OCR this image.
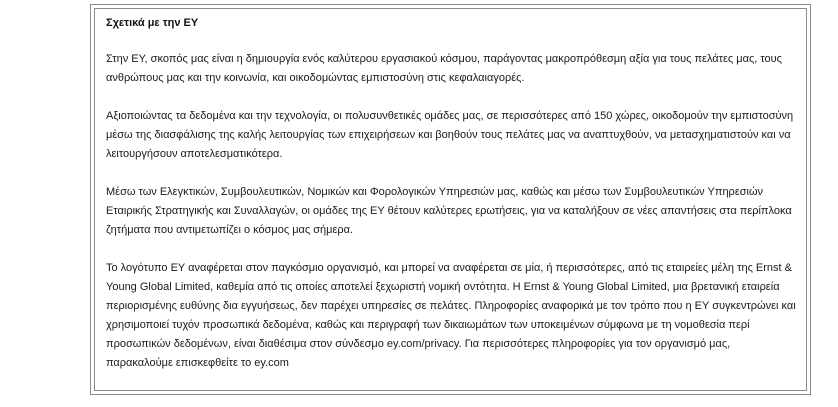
Σχετικά με την ΕΥ

Στην ΕΥ, σκοπός μας είναι η δημιουργία ενός καλύτερου εργασιακού κόσμου, παράγοντας μακροπρόθεσμη αξία για τους πελάτες μας, τους ανθρώπους μας και την κοινωνία, και οικοδομώντας εμπιστοσύνη στις κεφαλαιαγορές.

Αξιοποιώντας τα δεδομένα και την τεχνολογία, οι πολυσυνθετικές ομάδες μας, σε περισσότερες από 150 χώρες, οικοδομούν την εμπιστοσύνη μέσω της διασφάλισης της καλής λειτουργίας των επιχειρήσεων και βοηθούν τους πελάτες μας να αναπτυχθούν, να μετασχηματιστούν και να λειτουργήσουν αποτελεσματικότερα.

Μέσω των Ελεγκτικών, Συμβουλευτικών, Νομικών και Φορολογικών Υπηρεσιών μας, καθώς και μέσω των Συμβουλευτικών Υπηρεσιών Εταιρικής Στρατηγικής και Συναλλαγών, οι ομάδες της ΕΥ θέτουν καλύτερες ερωτήσεις, για να καταλήξουν σε νέες απαντήσεις στα περίπλοκα ζητήματα που αντιμετωπίζει ο κόσμος μας σήμερα.

Το λογότυπο ΕΥ αναφέρεται στον παγκόσμιο οργανισμό, και μπορεί να αναφέρεται σε μία, ή περισσότερες, από τις εταιρείες μέλη της Ernst & Young Global Limited, καθεμία από τις οποίες αποτελεί ξεχωριστή νομική οντότητα. Η Ernst & Young Global Limited, μια βρετανική εταιρεία περιορισμένης ευθύνης δια εγγυήσεως, δεν παρέχει υπηρεσίες σε πελάτες. Πληροφορίες αναφορικά με τον τρόπο που η ΕΥ συγκεντρώνει και χρησιμοποιεί τυχόν προσωπικά δεδομένα, καθώς και περιγραφή των δικαιωμάτων των υποκειμένων σύμφωνα με τη νομοθεσία περί προσωπικών δεδομένων, είναι διαθέσιμα στον σύνδεσμο ey.com/privacy. Για περισσότερες πληροφορίες για τον οργανισμό μας, παρακαλούμε επισκεφθείτε το ey.com
